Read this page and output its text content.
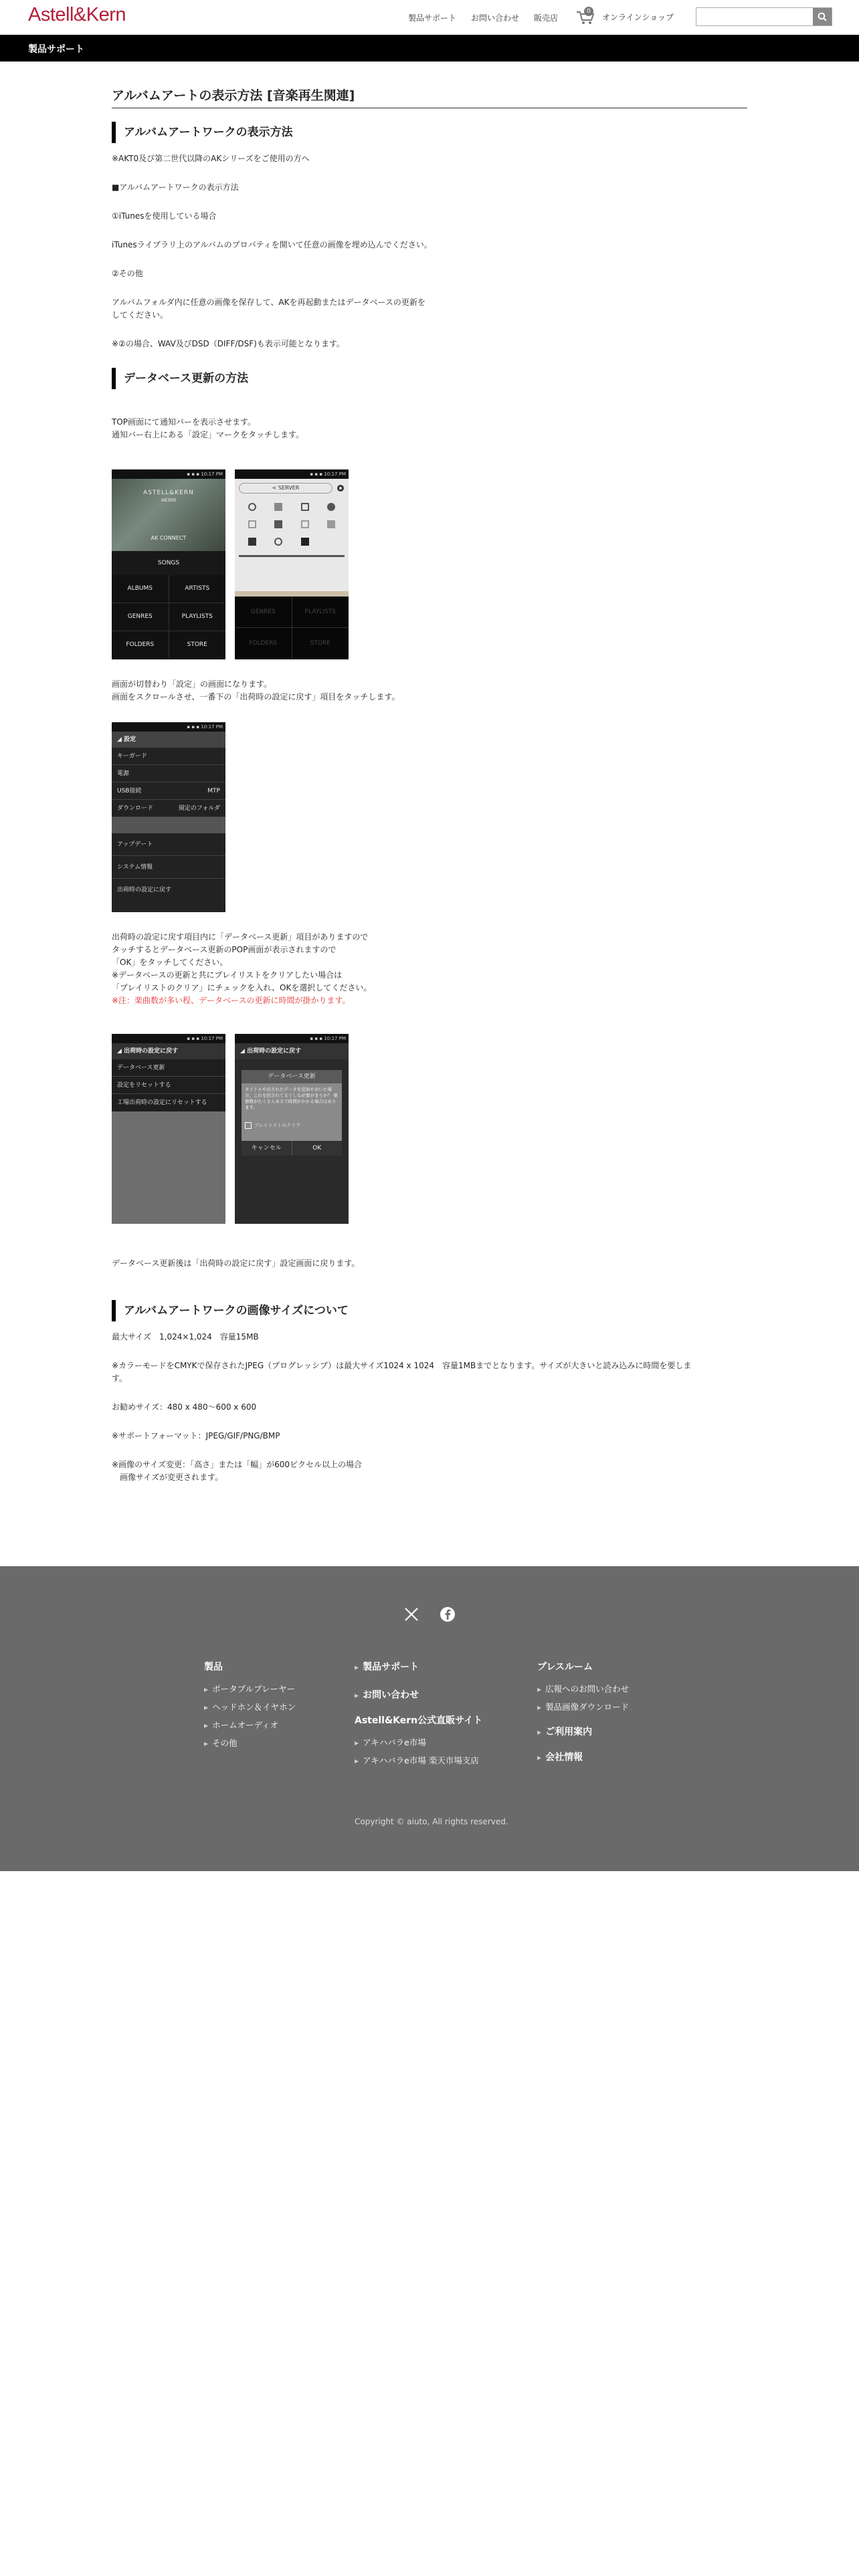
Astell&Kern	製品サポート お問い合わせ 販売店
0
オンラインショップ
製品サポート
アルバムアートの表示方法 [音楽再生関連]
アルバムアートワークの表示方法
※AKT0及び第二世代以降のAKシリーズをご使用の方へ
■アルバムアートワークの表示方法
①iTunesを使用している場合
iTunesライブラリ上のアルバムのプロパティを開いて任意の画像を埋め込んでください。
②その他
アルバムフォルダ内に任意の画像を保存して、AKを再起動またはデータベースの更新を
してください。
※②の場合、WAV及びDSD（DIFF/DSF)も表示可能となります。
データベース更新の方法
TOP画面にて通知バーを表示させます。
通知バー右上にある「設定」マークをタッチします。
▪ ▪ ▪ 10:17 PM
ASTELL&KERN
AK300
AK CONNECT
SONGS
ALBUMS	ARTISTS
GENRES	PLAYLISTS
FOLDERS	STORE
▪ ▪ ▪ 10:17 PM
< SERVER
GENRES	PLAYLISTS
FOLDERS	STORE
画面が切替わり「設定」の画面になります。
画面をスクロールさせ、一番下の「出荷時の設定に戻す」項目をタッチします。
▪ ▪ ▪ 10:17 PM
◢ 設定
キーガード
電源
USB接続	MTP
ダウンロード	規定のフォルダ
アップデート
システム情報
出荷時の設定に戻す
出荷時の設定に戻す項目内に「データベース更新」項目がありますので
タッチするとデータベース更新のPOP画面が表示されますので
「OK」をタッチしてください。
※データベースの更新と共にプレイリストをクリアしたい場合は
「プレイリストのクリア」にチェックを入れ、OKを選択してください。
※注：楽曲数が多い程、データベースの更新に時間が掛かります。
▪ ▪ ▪ 10:17 PM
◢ 出荷時の設定に戻す
データベース更新
設定をリセットする
工場出荷時の設定にリセットする
▪ ▪ ▪ 10:17 PM
◢ 出荷時の設定に戻す
データベース更新
タイトルや出されたデータを追加やおいた場合、これを回されてるぐしな必要がまりか？ 楽器数がたくさんあるで時間がかかる場合はあります。
プレイリストのクリア
キャンセル	OK
データベース更新後は「出荷時の設定に戻す」設定画面に戻ります。
アルバムアートワークの画像サイズについて
最大サイズ　1,024×1,024　容量15MB
※カラーモードをCMYKで保存されたJPEG（プログレッシブ）は最大サイズ1024 x 1024　容量1MBまでとなります。サイズが大きいと読み込みに時間を要しま
す。
お勧めサイズ：480 x 480～600 x 600
※サポートフォーマット：JPEG/GIF/PNG/BMP
※画像のサイズ変更：「高さ」または「幅」が600ピクセル以上の場合
　画像サイズが変更されます。
製品
▶ ポータブルプレーヤー
▶ ヘッドホン＆イヤホン
▶ ホームオーディオ
▶ その他
▶ 製品サポート
▶ お問い合わせ
Astell&Kern公式直販サイト
▶ アキハバラe市場
▶ アキハバラe市場 楽天市場支店
プレスルーム
▶ 広報へのお問い合わせ
▶ 製品画像ダウンロード
▶ ご利用案内
▶ 会社情報
Copyright © aiuto, All rights reserved.
